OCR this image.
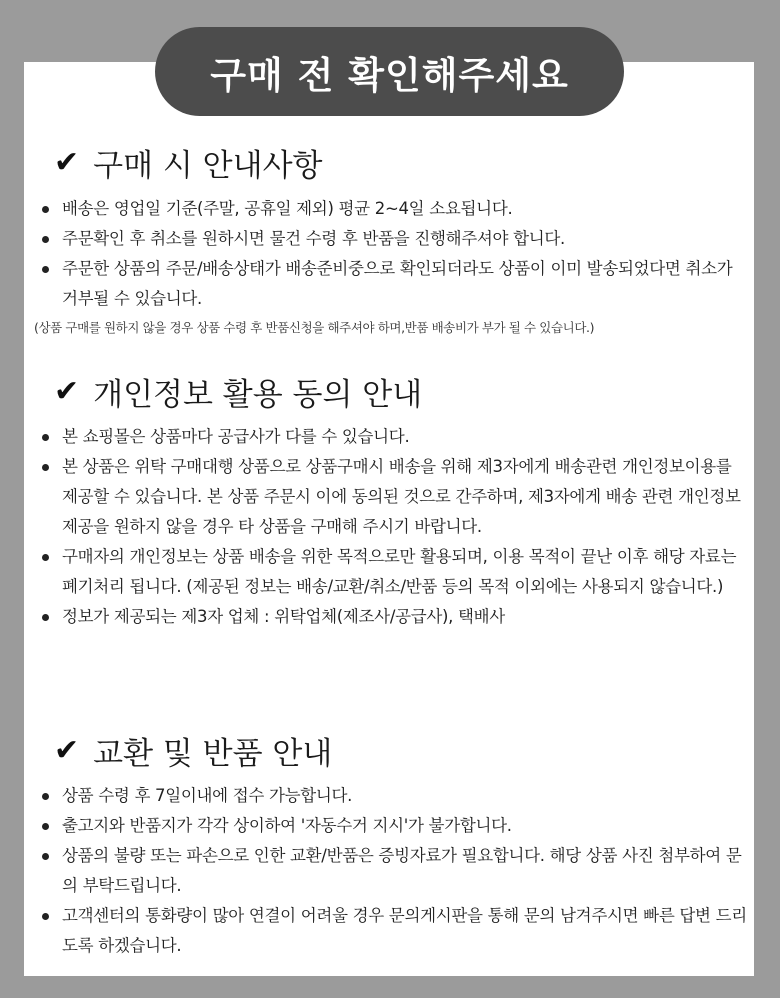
구매 전 확인해주세요
✔ 구매 시 안내사항
배송은 영업일 기준(주말, 공휴일 제외) 평균 2~4일 소요됩니다.
주문확인 후 취소를 원하시면 물건 수령 후 반품을 진행해주셔야 합니다.
주문한 상품의 주문/배송상태가 배송준비중으로 확인되더라도 상품이 이미 발송되었다면 취소가 거부될 수 있습니다.
(상품 구매를 원하지 않을 경우 상품 수령 후 반품신청을 해주셔야 하며,반품 배송비가 부가 될 수 있습니다.)
✔ 개인정보 활용 동의 안내
본 쇼핑몰은 상품마다 공급사가 다를 수 있습니다.
본 상품은 위탁 구매대행 상품으로 상품구매시 배송을 위해 제3자에게 배송관련 개인정보이용를 제공할 수 있습니다. 본 상품 주문시 이에 동의된 것으로 간주하며, 제3자에게 배송 관련 개인정보 제공을 원하지 않을 경우 타 상품을 구매해 주시기 바랍니다.
구매자의 개인정보는 상품 배송을 위한 목적으로만 활용되며, 이용 목적이 끝난 이후 해당 자료는 폐기처리 됩니다. (제공된 정보는 배송/교환/취소/반품 등의 목적 이외에는 사용되지 않습니다.)
정보가 제공되는 제3자 업체 : 위탁업체(제조사/공급사), 택배사
✔ 교환 및 반품 안내
상품 수령 후 7일이내에 접수 가능합니다.
출고지와 반품지가 각각 상이하여 '자동수거 지시'가 불가합니다.
상품의 불량 또는 파손으로 인한 교환/반품은 증빙자료가 필요합니다. 해당 상품 사진 첨부하여 문의 부탁드립니다.
고객센터의 통화량이 많아 연결이 어려울 경우 문의게시판을 통해 문의 남겨주시면 빠른 답변 드리도록 하겠습니다.
